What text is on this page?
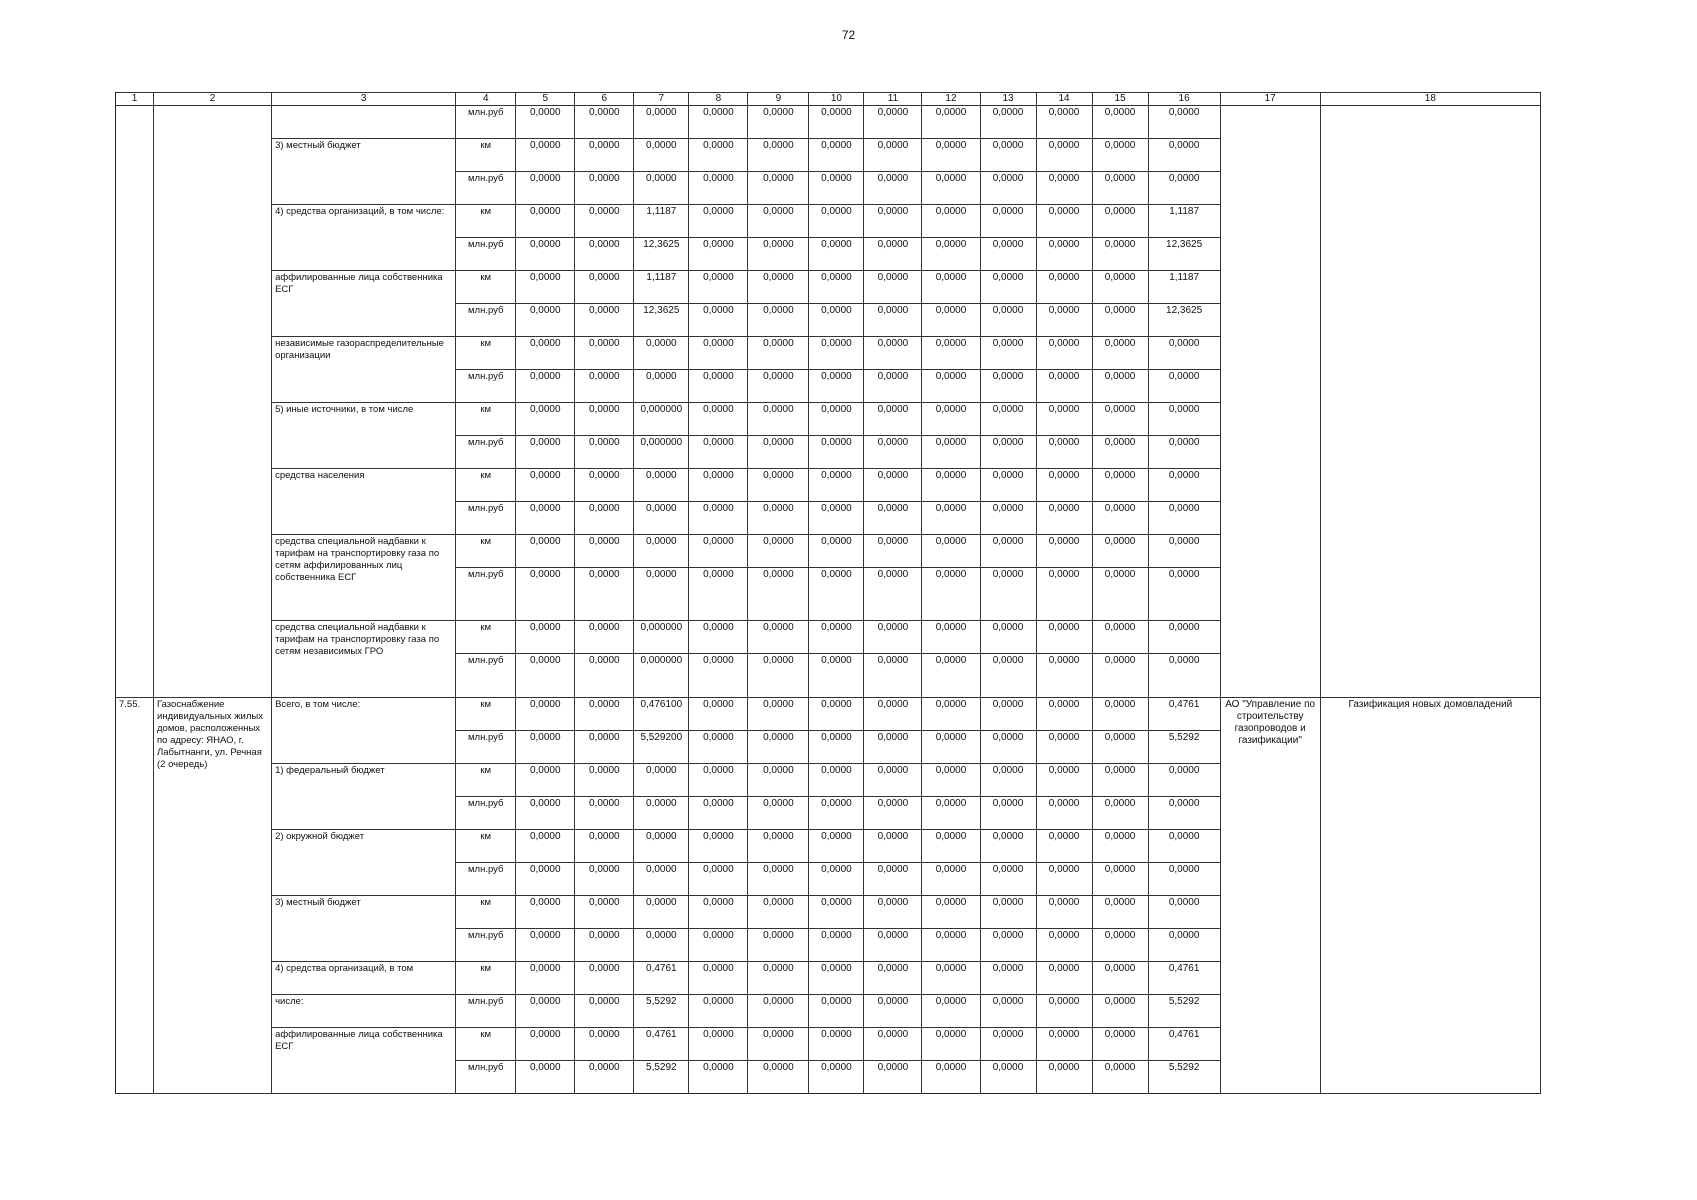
72
1	2	3	4	5	6	7	8	9	10	11	12	13	14	15	16	17	18
			млн.руб	0,0000	0,0000	0,0000	0,0000	0,0000	0,0000	0,0000	0,0000	0,0000	0,0000	0,0000	0,0000		
		3) местный бюджет	км	0,0000	0,0000	0,0000	0,0000	0,0000	0,0000	0,0000	0,0000	0,0000	0,0000	0,0000	0,0000		
			млн.руб	0,0000	0,0000	0,0000	0,0000	0,0000	0,0000	0,0000	0,0000	0,0000	0,0000	0,0000	0,0000		
		4) средства организаций, в том числе:	км	0,0000	0,0000	1,1187	0,0000	0,0000	0,0000	0,0000	0,0000	0,0000	0,0000	0,0000	1,1187		
			млн.руб	0,0000	0,0000	12,3625	0,0000	0,0000	0,0000	0,0000	0,0000	0,0000	0,0000	0,0000	12,3625		
		аффилированные лица собственника ЕСГ	км	0,0000	0,0000	1,1187	0,0000	0,0000	0,0000	0,0000	0,0000	0,0000	0,0000	0,0000	1,1187		
			млн.руб	0,0000	0,0000	12,3625	0,0000	0,0000	0,0000	0,0000	0,0000	0,0000	0,0000	0,0000	12,3625		
		независимые газораспределительные организации	км	0,0000	0,0000	0,0000	0,0000	0,0000	0,0000	0,0000	0,0000	0,0000	0,0000	0,0000	0,0000		
			млн.руб	0,0000	0,0000	0,0000	0,0000	0,0000	0,0000	0,0000	0,0000	0,0000	0,0000	0,0000	0,0000		
		5) иные источники, в том числе	км	0,0000	0,0000	0,000000	0,0000	0,0000	0,0000	0,0000	0,0000	0,0000	0,0000	0,0000	0,0000		
			млн.руб	0,0000	0,0000	0,000000	0,0000	0,0000	0,0000	0,0000	0,0000	0,0000	0,0000	0,0000	0,0000		
		средства населения	км	0,0000	0,0000	0,0000	0,0000	0,0000	0,0000	0,0000	0,0000	0,0000	0,0000	0,0000	0,0000		
			млн.руб	0,0000	0,0000	0,0000	0,0000	0,0000	0,0000	0,0000	0,0000	0,0000	0,0000	0,0000	0,0000		
		средства специальной надбавки к тарифам на транспортировку газа по сетям аффилированных лиц собственника ЕСГ	км	0,0000	0,0000	0,0000	0,0000	0,0000	0,0000	0,0000	0,0000	0,0000	0,0000	0,0000	0,0000		
			млн.руб	0,0000	0,0000	0,0000	0,0000	0,0000	0,0000	0,0000	0,0000	0,0000	0,0000	0,0000	0,0000		
		средства специальной надбавки к тарифам на транспортировку газа по сетям независимых ГРО	км	0,0000	0,0000	0,000000	0,0000	0,0000	0,0000	0,0000	0,0000	0,0000	0,0000	0,0000	0,0000		
			млн.руб	0,0000	0,0000	0,000000	0,0000	0,0000	0,0000	0,0000	0,0000	0,0000	0,0000	0,0000	0,0000		
7.55.	Газоснабжение индивидуальных жилых домов, расположенных по адресу: ЯНАО, г. Лабытнанги, ул. Речная (2 очередь)	Всего, в том числе:	км	0,0000	0,0000	0,476100	0,0000	0,0000	0,0000	0,0000	0,0000	0,0000	0,0000	0,0000	0,4761	АО "Управление по строительству газопроводов и газификации"	Газификация новых домовладений
			млн.руб	0,0000	0,0000	5,529200	0,0000	0,0000	0,0000	0,0000	0,0000	0,0000	0,0000	0,0000	5,5292		
		1) федеральный бюджет	км	0,0000	0,0000	0,0000	0,0000	0,0000	0,0000	0,0000	0,0000	0,0000	0,0000	0,0000	0,0000		
			млн.руб	0,0000	0,0000	0,0000	0,0000	0,0000	0,0000	0,0000	0,0000	0,0000	0,0000	0,0000	0,0000		
		2) окружной бюджет	км	0,0000	0,0000	0,0000	0,0000	0,0000	0,0000	0,0000	0,0000	0,0000	0,0000	0,0000	0,0000		
			млн.руб	0,0000	0,0000	0,0000	0,0000	0,0000	0,0000	0,0000	0,0000	0,0000	0,0000	0,0000	0,0000		
		3) местный бюджет	км	0,0000	0,0000	0,0000	0,0000	0,0000	0,0000	0,0000	0,0000	0,0000	0,0000	0,0000	0,0000		
			млн.руб	0,0000	0,0000	0,0000	0,0000	0,0000	0,0000	0,0000	0,0000	0,0000	0,0000	0,0000	0,0000		
		4) средства организаций, в том	км	0,0000	0,0000	0,4761	0,0000	0,0000	0,0000	0,0000	0,0000	0,0000	0,0000	0,0000	0,4761		
		числе:	млн.руб	0,0000	0,0000	5,5292	0,0000	0,0000	0,0000	0,0000	0,0000	0,0000	0,0000	0,0000	5,5292		
		аффилированные лица собственника ЕСГ	км	0,0000	0,0000	0,4761	0,0000	0,0000	0,0000	0,0000	0,0000	0,0000	0,0000	0,0000	0,4761		
			млн.руб	0,0000	0,0000	5,5292	0,0000	0,0000	0,0000	0,0000	0,0000	0,0000	0,0000	0,0000	5,5292		
